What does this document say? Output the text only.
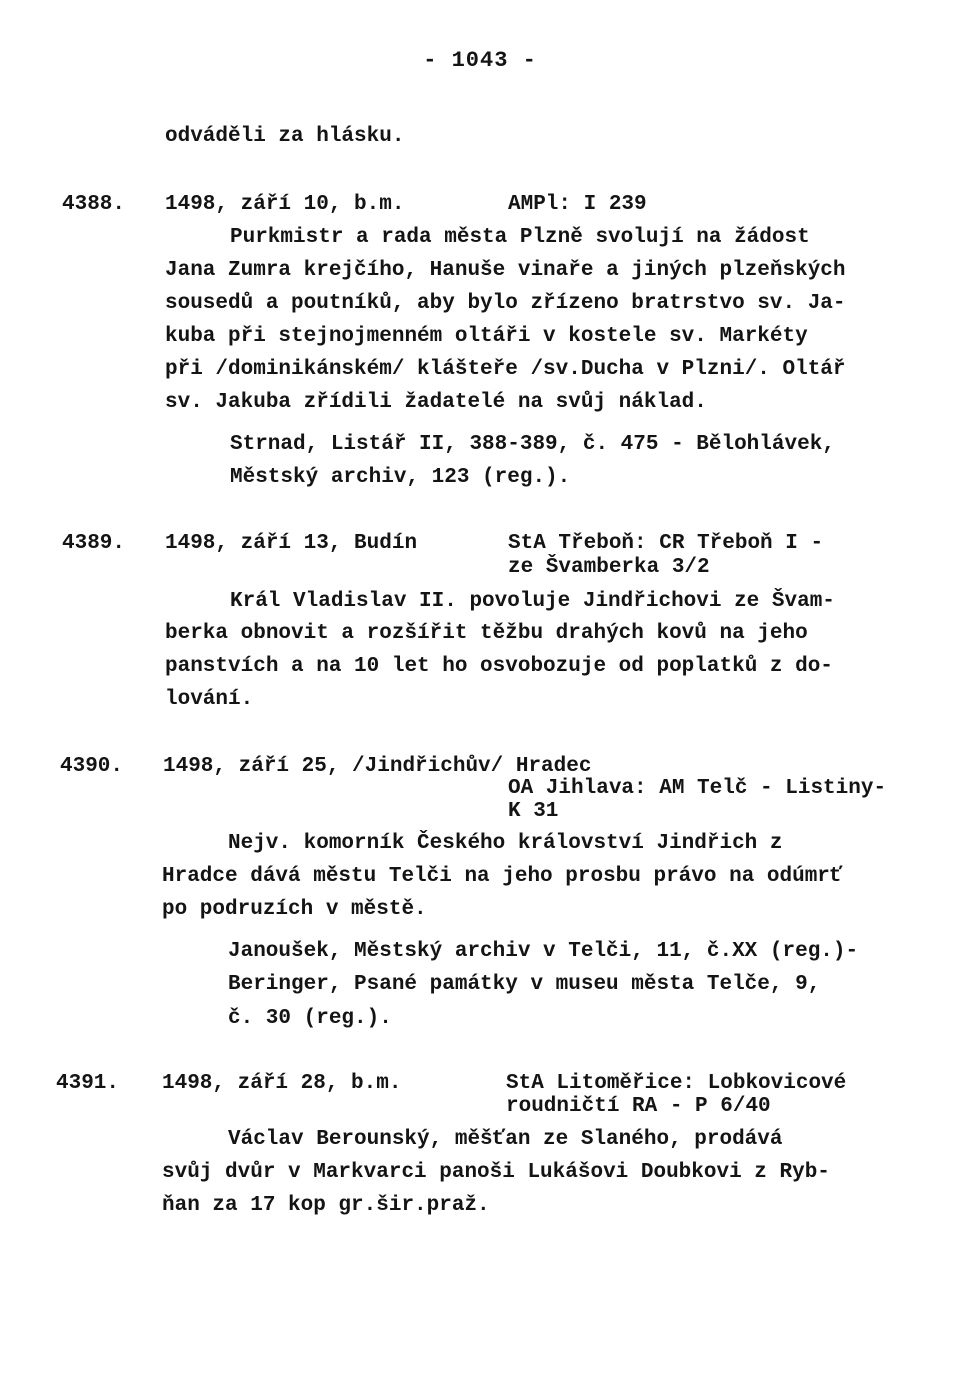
- 1043 -
odváděli za hlásku.
4388. 1498, září 10, b.m.	AMPl: I 239
Purkmistr a rada města Plzně svolují na žádost
Jana Zumra krejčího, Hanuše vinaře a jiných plzeňských
sousedů a poutníků, aby bylo zřízeno bratrstvo sv. Ja-
kuba při stejnojmenném oltáři v kostele sv. Markéty
při /dominikánském/ klášteře /sv.Ducha v Plzni/. Oltář
sv. Jakuba zřídili žadatelé na svůj náklad.
Strnad, Listář II, 388-389, č. 475 - Bělohlávek,
Městský archiv, 123 (reg.).
4389. 1498, září 13, Budín	StA Třeboň: CR Třeboň I -
ze Švamberka 3/2
Král Vladislav II. povoluje Jindřichovi ze Švam-
berka obnovit a rozšířit těžbu drahých kovů na jeho
panstvích a na 10 let ho osvobozuje od poplatků z do-
lování.
4390. 1498, září 25, /Jindřichův/ Hradec
OA Jihlava: AM Telč - Listiny-
K 31
Nejv. komorník Českého království Jindřich z
Hradce dává městu Telči na jeho prosbu právo na odúmrť
po podruzích v městě.
Janoušek, Městský archiv v Telči, 11, č.XX (reg.)-
Beringer, Psané památky v museu města Telče, 9,
č. 30 (reg.).
4391. 1498, září 28, b.m.	StA Litoměřice: Lobkovicové
roudničtí RA - P 6/40
Václav Berounský, měšťan ze Slaného, prodává
svůj dvůr v Markvarci panoši Lukášovi Doubkovi z Ryb-
ňan za 17 kop gr.šir.praž.
